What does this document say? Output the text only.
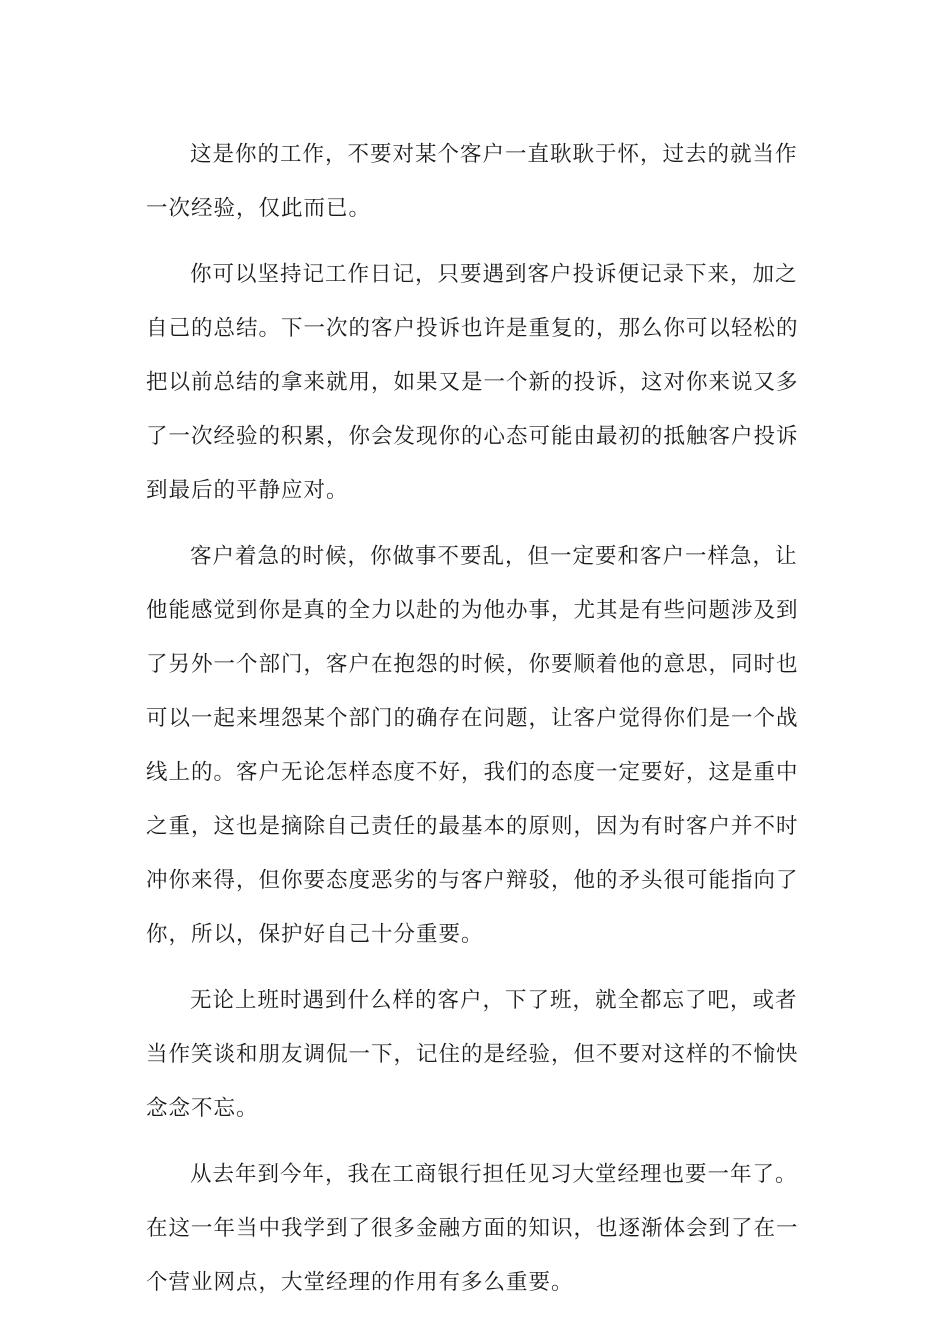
这是你的工作，不要对某个客户一直耿耿于怀，过去的就当作
一次经验，仅此而已。

你可以坚持记工作日记，只要遇到客户投诉便记录下来，加之
自己的总结。下一次的客户投诉也许是重复的，那么你可以轻松的
把以前总结的拿来就用，如果又是一个新的投诉，这对你来说又多
了一次经验的积累，你会发现你的心态可能由最初的抵触客户投诉
到最后的平静应对。

客户着急的时候，你做事不要乱，但一定要和客户一样急，让
他能感觉到你是真的全力以赴的为他办事，尤其是有些问题涉及到
了另外一个部门，客户在抱怨的时候，你要顺着他的意思，同时也
可以一起来埋怨某个部门的确存在问题，让客户觉得你们是一个战
线上的。客户无论怎样态度不好，我们的态度一定要好，这是重中
之重，这也是摘除自己责任的最基本的原则，因为有时客户并不时
冲你来得，但你要态度恶劣的与客户辩驳，他的矛头很可能指向了
你，所以，保护好自己十分重要。

无论上班时遇到什么样的客户，下了班，就全都忘了吧，或者
当作笑谈和朋友调侃一下，记住的是经验，但不要对这样的不愉快
念念不忘。

从去年到今年，我在工商银行担任见习大堂经理也要一年了。
在这一年当中我学到了很多金融方面的知识，也逐渐体会到了在一
个营业网点，大堂经理的作用有多么重要。
